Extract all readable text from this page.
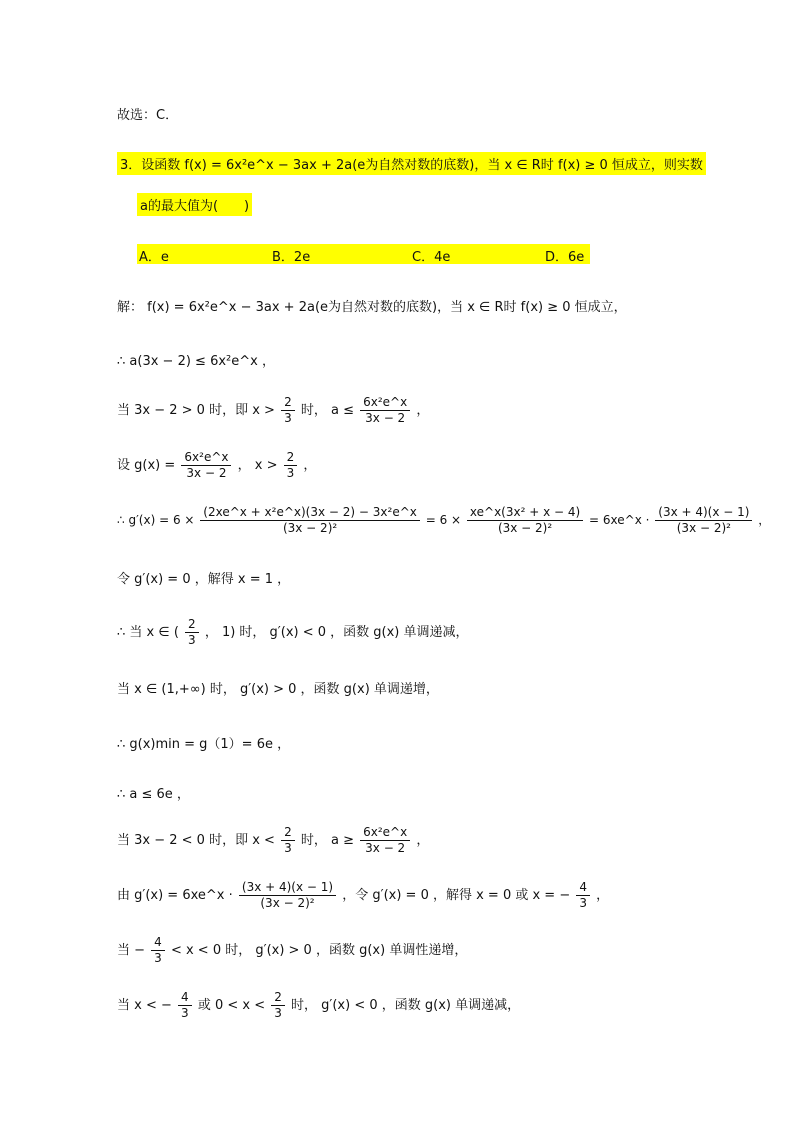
故选：C．
3．设函数 f(x) = 6x²e^x − 3ax + 2a(e为自然对数的底数)，当 x ∈ R时 f(x) ≥ 0 恒成立，则实数
a的最大值为(　　)
A．e	B．2e	C．4e	D．6e
解： f(x) = 6x²e^x − 3ax + 2a(e为自然对数的底数)，当 x ∈ R时 f(x) ≥ 0 恒成立，
∴ a(3x − 2) ≤ 6x²e^x ，
当 3x − 2 > 0 时，即 $x > \frac{2}{3}$ 时， $a \le \frac{\text{6x²e\textasciicircum{}x}}{3x - 2}$ ，
设 $g(x) = \frac{\text{6x²e\textasciicircum{}x}}{3x - 2}$ ， $x > \frac{2}{3}$ ，
∴ $g'(x) = 6 \times \frac{\text{(2xe\textasciicircum{}x + x²e\textasciicircum{}x)(3x − 2) − 3x²e\textasciicircum{}x}}{\text{(3x − 2)²}} = 6 \times \frac{\text{xe\textasciicircum{}x(3x² + x − 4)}}{\text{(3x − 2)²}}$ = 6xe^x · $\frac{(3x + 4)(x - 1)}{\text{(3x − 2)²}}$ ，
令 g′(x) = 0 ，解得 x = 1 ，
∴ 当 x ∈ ( $\frac{2}{3}$ ， 1) 时， g′(x) < 0 ，函数 g(x) 单调递减，
当 x ∈ (1,+∞) 时， g′(x) > 0 ，函数 g(x) 单调递增，
∴ g(x)min = g（1）= 6e ，
∴ a ≤ 6e ，
当 3x − 2 < 0 时，即 $x < \frac{2}{3}$ 时， $a \ge \frac{\text{6x²e\textasciicircum{}x}}{3x - 2}$ ，
由 g′(x) = 6xe^x · $\frac{(3x + 4)(x - 1)}{\text{(3x − 2)²}}$ ，令 g′(x) = 0 ，解得 x = 0 或 x = − $\frac{4}{3}$ ，
当 − $\frac{4}{3} < x < 0$ 时， g′(x) > 0 ，函数 g(x) 单调性递增，
当 x < − $\frac{4}{3}$ 或 $0 < x < \frac{2}{3}$ 时， g′(x) < 0 ，函数 g(x) 单调递减，
